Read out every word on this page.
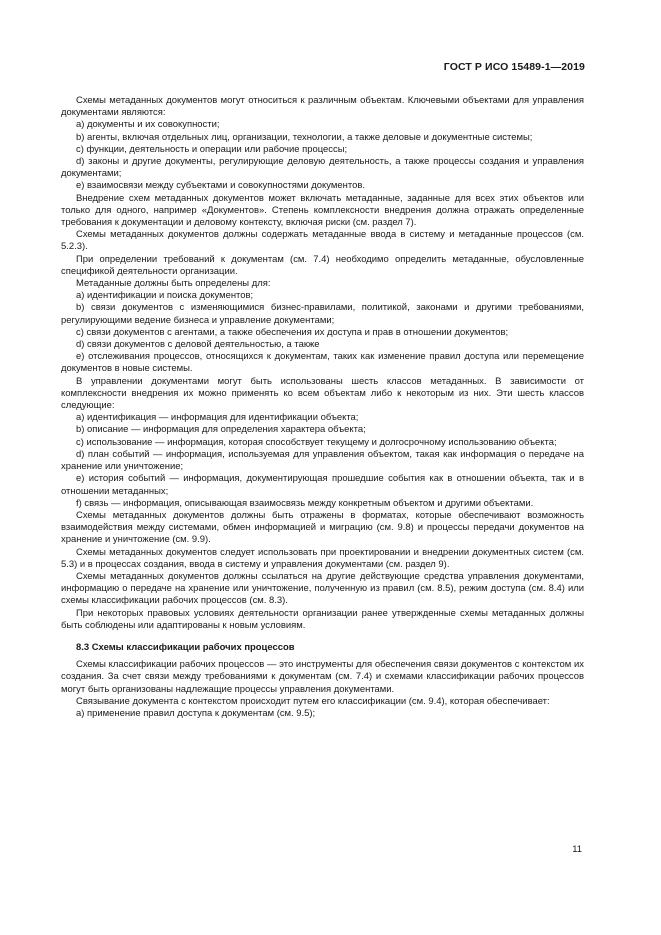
ГОСТ Р ИСО 15489-1—2019

Схемы метаданных документов могут относиться к различным объектам. Ключевыми объектами для управления документами являются:

а) документы и их совокупности;

b) агенты, включая отдельных лиц, организации, технологии, а также деловые и документные системы;

c) функции, деятельность и операции или рабочие процессы;

d) законы и другие документы, регулирующие деловую деятельность, а также процессы создания и управления документами;

e) взаимосвязи между субъектами и совокупностями документов.

Внедрение схем метаданных документов может включать метаданные, заданные для всех этих объектов или только для одного, например «Документов». Степень комплексности внедрения должна отражать определенные требования к документации и деловому контексту, включая риски (см. раздел 7).

Схемы метаданных документов должны содержать метаданные ввода в систему и метаданные процессов (см. 5.2.3).

При определении требований к документам (см. 7.4) необходимо определить метаданные, обусловленные спецификой деятельности организации.

Метаданные должны быть определены для:

а) идентификации и поиска документов;

b) связи документов с изменяющимися бизнес-правилами, политикой, законами и другими требованиями, регулирующими ведение бизнеса и управление документами;

c) связи документов с агентами, а также обеспечения их доступа и прав в отношении документов;

d) связи документов с деловой деятельностью, а также

e) отслеживания процессов, относящихся к документам, таких как изменение правил доступа или перемещение документов в новые системы.

В управлении документами могут быть использованы шесть классов метаданных. В зависимости от комплексности внедрения их можно применять ко всем объектам либо к некоторым из них. Эти шесть классов следующие:

а) идентификация — информация для идентификации объекта;

b) описание — информация для определения характера объекта;

c) использование — информация, которая способствует текущему и долгосрочному использованию объекта;

d) план событий — информация, используемая для управления объектом, такая как информация о передаче на хранение или уничтожение;

e) история событий — информация, документирующая прошедшие события как в отношении объекта, так и в отношении метаданных;

f) связь — информация, описывающая взаимосвязь между конкретным объектом и другими объектами.

Схемы метаданных документов должны быть отражены в форматах, которые обеспечивают возможность взаимодействия между системами, обмен информацией и миграцию (см. 9.8) и процессы передачи документов на хранение и уничтожение (см. 9.9).

Схемы метаданных документов следует использовать при проектировании и внедрении документных систем (см. 5.3) и в процессах создания, ввода в систему и управления документами (см. раздел 9).

Схемы метаданных документов должны ссылаться на другие действующие средства управления документами, информацию о передаче на хранение или уничтожение, полученную из правил (см. 8.5), режим доступа (см. 8.4) или схемы классификации рабочих процессов (см. 8.3).

При некоторых правовых условиях деятельности организации ранее утвержденные схемы метаданных должны быть соблюдены или адаптированы к новым условиям.

8.3 Схемы классификации рабочих процессов

Схемы классификации рабочих процессов — это инструменты для обеспечения связи документов с контекстом их создания. За счет связи между требованиями к документам (см. 7.4) и схемами классификации рабочих процессов могут быть организованы надлежащие процессы управления документами.

Связывание документа с контекстом происходит путем его классификации (см. 9.4), которая обеспечивает:

а) применение правил доступа к документам (см. 9.5);

11
